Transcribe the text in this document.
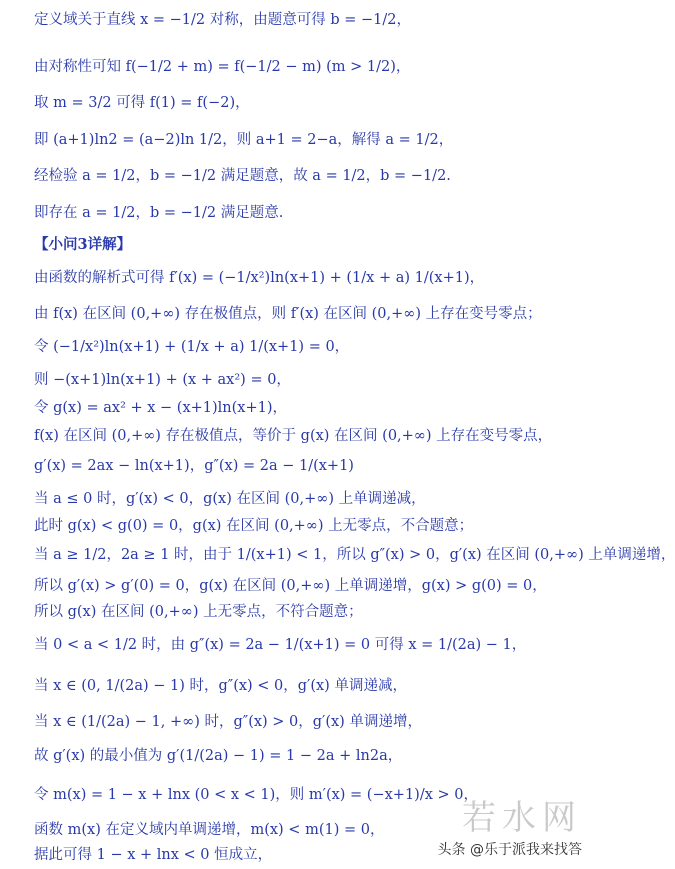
定义域关于直线 x = −1/2 对称，由题意可得 b = −1/2，
由对称性可知 f(−1/2 + m) = f(−1/2 − m) (m > 1/2)，
取 m = 3/2 可得 f(1) = f(−2)，
即 (a+1)ln2 = (a−2)ln 1/2，则 a+1 = 2−a，解得 a = 1/2，
经检验 a = 1/2，b = −1/2 满足题意，故 a = 1/2，b = −1/2.
即存在 a = 1/2，b = −1/2 满足题意.
【小问3详解】
由函数的解析式可得 f′(x) = (−1/x²)ln(x+1) + (1/x + a) 1/(x+1)，
由 f(x) 在区间 (0,+∞) 存在极值点，则 f′(x) 在区间 (0,+∞) 上存在变号零点；
令 (−1/x²)ln(x+1) + (1/x + a) 1/(x+1) = 0，
则 −(x+1)ln(x+1) + (x + ax²) = 0，
令 g(x) = ax² + x − (x+1)ln(x+1)，
f(x) 在区间 (0,+∞) 存在极值点，等价于 g(x) 在区间 (0,+∞) 上存在变号零点，
g′(x) = 2ax − ln(x+1)，g″(x) = 2a − 1/(x+1)
当 a ≤ 0 时，g′(x) < 0，g(x) 在区间 (0,+∞) 上单调递减，
此时 g(x) < g(0) = 0，g(x) 在区间 (0,+∞) 上无零点，不合题意；
当 a ≥ 1/2，2a ≥ 1 时，由于 1/(x+1) < 1，所以 g″(x) > 0，g′(x) 在区间 (0,+∞) 上单调递增，
所以 g′(x) > g′(0) = 0，g(x) 在区间 (0,+∞) 上单调递增，g(x) > g(0) = 0，
所以 g(x) 在区间 (0,+∞) 上无零点，不符合题意；
当 0 < a < 1/2 时，由 g″(x) = 2a − 1/(x+1) = 0 可得 x = 1/(2a) − 1，
当 x ∈ (0, 1/(2a) − 1) 时，g″(x) < 0，g′(x) 单调递减，
当 x ∈ (1/(2a) − 1, +∞) 时，g″(x) > 0，g′(x) 单调递增，
故 g′(x) 的最小值为 g′(1/(2a) − 1) = 1 − 2a + ln2a，
令 m(x) = 1 − x + lnx (0 < x < 1)，则 m′(x) = (−x+1)/x > 0，
函数 m(x) 在定义域内单调递增，m(x) < m(1) = 0，
据此可得 1 − x + lnx < 0 恒成立，
若水网
头条 @乐于派我来找答
